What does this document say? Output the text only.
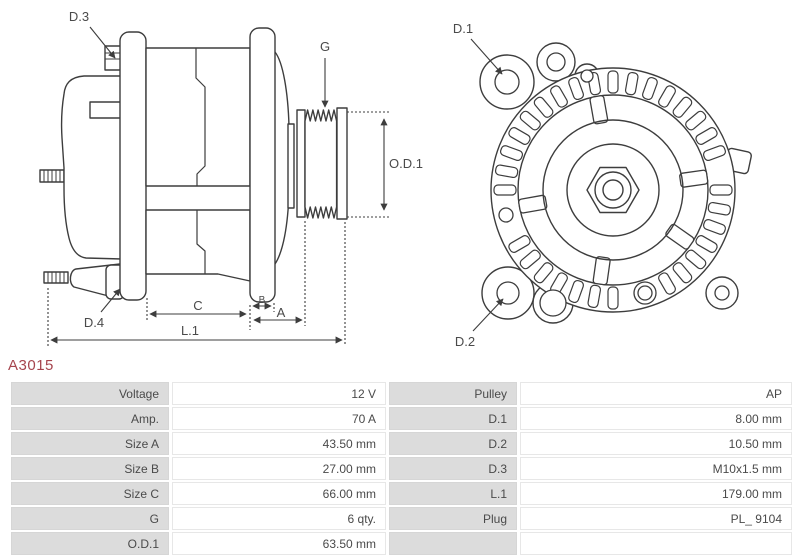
D.3
G
O.D.1
C	B
A
L.1
D.4
D.1
D.2
A3015
Voltage	12 V	Pulley	AP
Amp.	70 A	D.1	8.00 mm
Size A	43.50 mm	D.2	10.50 mm
Size B	27.00 mm	D.3	M10x1.5 mm
Size C	66.00 mm	L.1	179.00 mm
G	6 qty.	Plug	PL_ 9104
O.D.1	63.50 mm		
